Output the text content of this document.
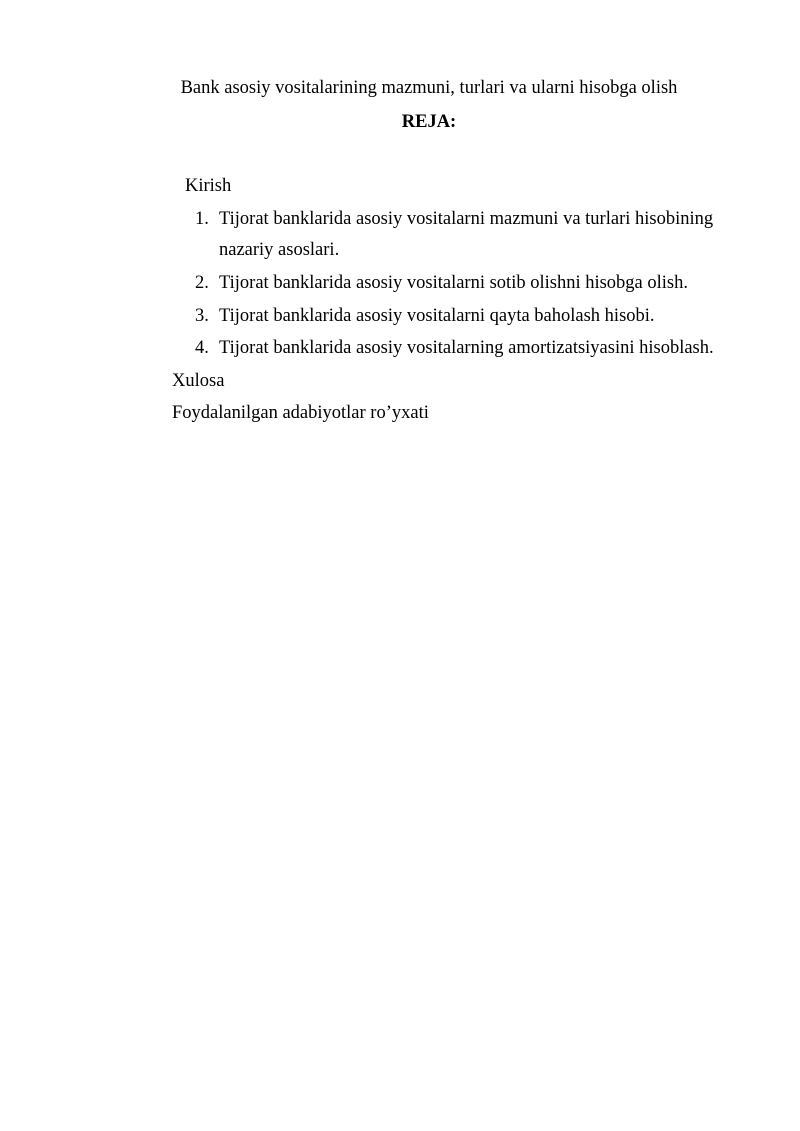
Bank asosiy vositalarining mazmuni, turlari va ularni hisobga olish
REJA:
Kirish
1. Tijorat banklarida asosiy vositalarni mazmuni va turlari hisobining
nazariy asoslari.
2. Tijorat banklarida asosiy vositalarni sotib olishni hisobga olish.
3. Tijorat banklarida asosiy vositalarni qayta baholash hisobi.
4. Tijorat banklarida asosiy vositalarning amortizatsiyasini hisoblash.
Xulosa
Foydalanilgan adabiyotlar ro’yxati
